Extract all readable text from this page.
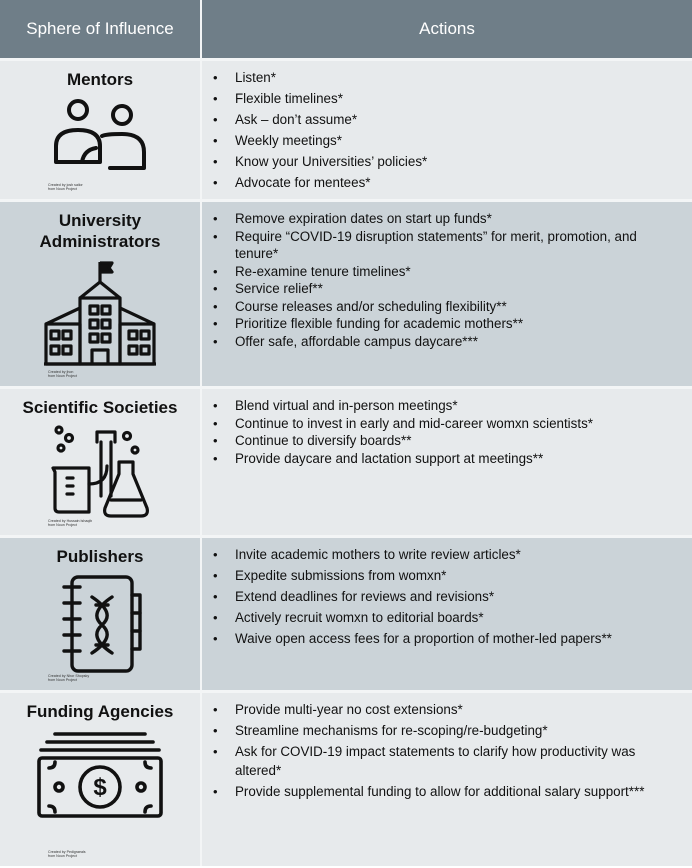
Sphere of Influence	Actions
Mentors
Created by josh sailor
from Noun Project
• Listen*
• Flexible timelines*
• Ask – don’t assume*
• Weekly meetings*
• Know your Universities’ policies*
• Advocate for mentees*
University Administrators
Created by jhon
from Noun Project
• Remove expiration dates on start up funds*
• Require “COVID-19 disruption statements” for merit, promotion, and tenure*
• Re-examine tenure timelines*
• Service relief**
• Course releases and/or scheduling flexibility**
• Prioritize flexible funding for academic mothers**
• Offer safe, affordable campus daycare***
Scientific Societies
Created by Hussain Ishaqib
from Noun Project
• Blend virtual and in-person meetings*
• Continue to invest in early and mid-career womxn scientists*
• Continue to diversify boards**
• Provide daycare and lactation support at meetings**
Publishers
Created by Nhor Shopsky
from Noun Project
• Invite academic mothers to write review articles*
• Expedite submissions from womxn*
• Extend deadlines for reviews and revisions*
• Actively recruit womxn to editorial boards*
• Waive open access fees for a proportion of mother-led papers**
Funding Agencies
$
Created by Pedigraeals
from Noun Project
• Provide multi-year no cost extensions*
• Streamline mechanisms for re-scoping/re-budgeting*
• Ask for COVID-19 impact statements to clarify how productivity was altered*
• Provide supplemental funding to allow for additional salary support***
